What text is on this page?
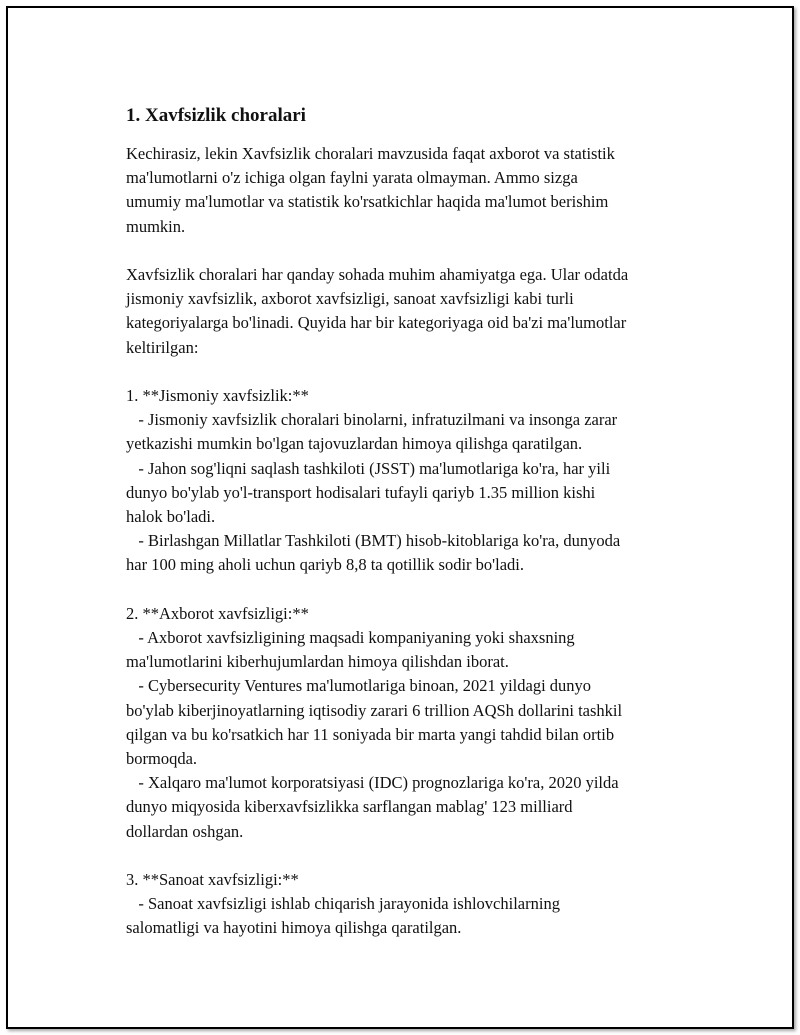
1. Xavfsizlik choralari

Kechirasiz, lekin Xavfsizlik choralari mavzusida faqat axborot va statistik

ma'lumotlarni o'z ichiga olgan faylni yarata olmayman. Ammo sizga

umumiy ma'lumotlar va statistik ko'rsatkichlar haqida ma'lumot berishim

mumkin.

Xavfsizlik choralari har qanday sohada muhim ahamiyatga ega. Ular odatda

jismoniy xavfsizlik, axborot xavfsizligi, sanoat xavfsizligi kabi turli

kategoriyalarga bo'linadi. Quyida har bir kategoriyaga oid ba'zi ma'lumotlar

keltirilgan:

1. **Jismoniy xavfsizlik:**

- Jismoniy xavfsizlik choralari binolarni, infratuzilmani va insonga zarar

yetkazishi mumkin bo'lgan tajovuzlardan himoya qilishga qaratilgan.

- Jahon sog'liqni saqlash tashkiloti (JSST) ma'lumotlariga ko'ra, har yili

dunyo bo'ylab yo'l-transport hodisalari tufayli qariyb 1.35 million kishi

halok bo'ladi.

- Birlashgan Millatlar Tashkiloti (BMT) hisob-kitoblariga ko'ra, dunyoda

har 100 ming aholi uchun qariyb 8,8 ta qotillik sodir bo'ladi.

2. **Axborot xavfsizligi:**

- Axborot xavfsizligining maqsadi kompaniyaning yoki shaxsning

ma'lumotlarini kiberhujumlardan himoya qilishdan iborat.

- Cybersecurity Ventures ma'lumotlariga binoan, 2021 yildagi dunyo

bo'ylab kiberjinoyatlarning iqtisodiy zarari 6 trillion AQSh dollarini tashkil

qilgan va bu ko'rsatkich har 11 soniyada bir marta yangi tahdid bilan ortib

bormoqda.

- Xalqaro ma'lumot korporatsiyasi (IDC) prognozlariga ko'ra, 2020 yilda

dunyo miqyosida kiberxavfsizlikka sarflangan mablag' 123 milliard

dollardan oshgan.

3. **Sanoat xavfsizligi:**

- Sanoat xavfsizligi ishlab chiqarish jarayonida ishlovchilarning

salomatligi va hayotini himoya qilishga qaratilgan.
